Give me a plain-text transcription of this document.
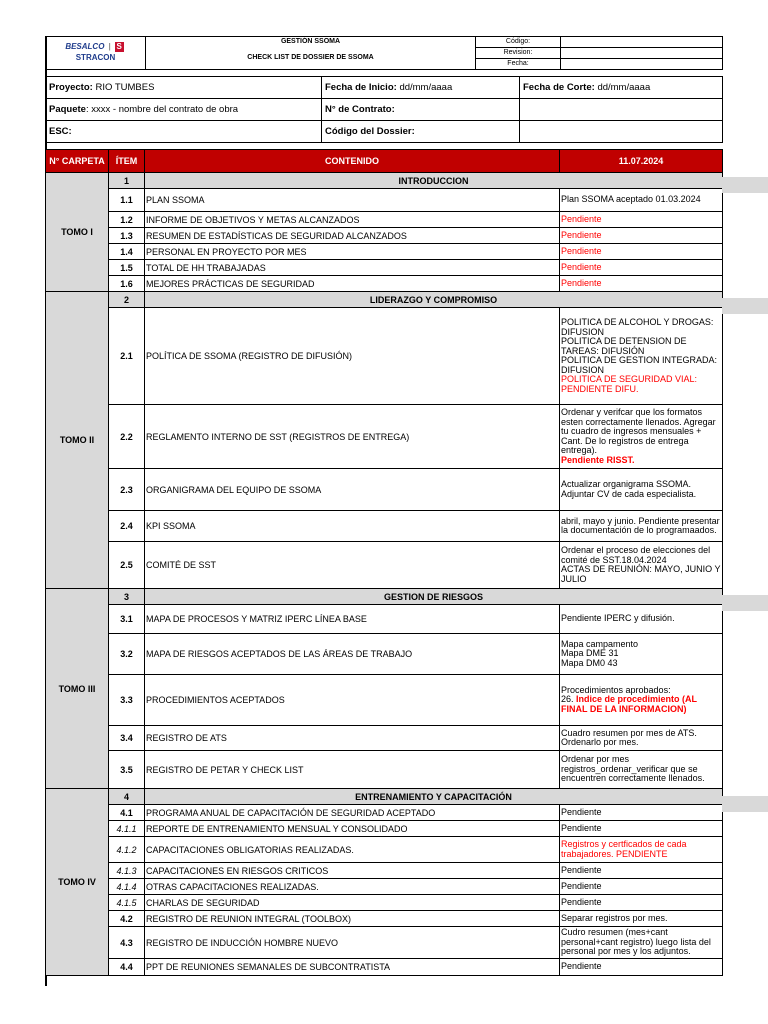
BESALCO | SSTRACON	GESTIÓN SSOMA	Código:	
	CHECK LIST DE DOSSIER DE SSOMA	Revision:	
		Fecha:	
Proyecto: RIO TUMBES	Fecha de Inicio: dd/mm/aaaa	Fecha de Corte: dd/mm/aaaa
Paquete: xxxx - nombre del contrato de obra	N° de Contrato:	
ESC:	Código del Dossier:	
N° CARPETA	ÍTEM	CONTENIDO	11.07.2024
TOMO I	1	INTRODUCCION	
	1.1	PLAN SSOMA	Plan SSOMA aceptado 01.03.2024
	1.2	INFORME DE OBJETIVOS Y METAS ALCANZADOS	Pendiente
	1.3	RESUMEN DE ESTADÍSTICAS DE SEGURIDAD ALCANZADOS	Pendiente
	1.4	PERSONAL EN PROYECTO POR MES	Pendiente
	1.5	TOTAL DE HH TRABAJADAS	Pendiente
	1.6	MEJORES PRÁCTICAS DE SEGURIDAD	Pendiente
TOMO II	2	LIDERAZGO Y COMPROMISO	
	2.1	POLÍTICA DE SSOMA (REGISTRO DE DIFUSIÓN)	POLITICA DE ALCOHOL Y DROGAS: DIFUSION
POLITICA DE DETENSION DE TAREAS: DIFUSIÓN
POLITICA DE GESTION INTEGRADA: DIFUSION
POLITICA DE SEGURIDAD VIAL: PENDIENTE DIFU.
	2.2	REGLAMENTO INTERNO DE SST (REGISTROS DE ENTREGA)	Ordenar y verifcar que los formatos esten correctamente llenados. Agregar tu cuadro de ingresos mensuales + Cant. De lo registros de entrega entrega).
Pendiente RISST.
	2.3	ORGANIGRAMA DEL EQUIPO DE SSOMA	Actualizar organigrama SSOMA.
Adjuntar CV de cada especialista.
	2.4	KPI SSOMA	abril, mayo y junio. Pendiente presentar la documentación de lo programaados.
	2.5	COMITÉ DE SST	Ordenar el proceso de elecciones del comité de SST.18.04.2024
ACTAS DE REUNIÓN: MAYO, JUNIO Y JULIO
TOMO III	3	GESTION DE RIESGOS	
	3.1	MAPA DE PROCESOS Y MATRIZ IPERC LÍNEA BASE	Pendiente IPERC y difusión.
	3.2	MAPA DE RIESGOS ACEPTADOS DE LAS ÁREAS DE TRABAJO	Mapa campamento
Mapa DME 31
Mapa DM0 43
	3.3	PROCEDIMIENTOS ACEPTADOS	Procedimientos aprobados:
26. Indice de procedimiento (AL FINAL DE LA INFORMACION)
	3.4	REGISTRO DE ATS	Cuadro resumen por mes de ATS.
Ordenarlo por mes.
	3.5	REGISTRO DE PETAR Y CHECK LIST	Ordenar por mes registros_ordenar_verificar que se encuentren correctamente llenados.
TOMO IV	4	ENTRENAMIENTO Y CAPACITACIÓN	
	4.1	PROGRAMA ANUAL DE CAPACITACIÓN DE SEGURIDAD ACEPTADO	Pendiente
	4.1.1	REPORTE DE ENTRENAMIENTO MENSUAL Y CONSOLIDADO	Pendiente
	4.1.2	CAPACITACIONES OBLIGATORIAS REALIZADAS.	Registros y certficados de cada trabajadores. PENDIENTE
	4.1.3	CAPACITACIONES EN RIESGOS CRITICOS	Pendiente
	4.1.4	OTRAS CAPACITACIONES REALIZADAS.	Pendiente
	4.1.5	CHARLAS DE SEGURIDAD	Pendiente
	4.2	REGISTRO DE REUNION INTEGRAL (TOOLBOX)	Separar registros por mes.
	4.3	REGISTRO DE INDUCCIÓN HOMBRE NUEVO	Cudro resumen (mes+cant personal+cant registro) luego lista del personal por mes y los adjuntos.
	4.4	PPT DE REUNIONES SEMANALES DE SUBCONTRATISTA	Pendiente
